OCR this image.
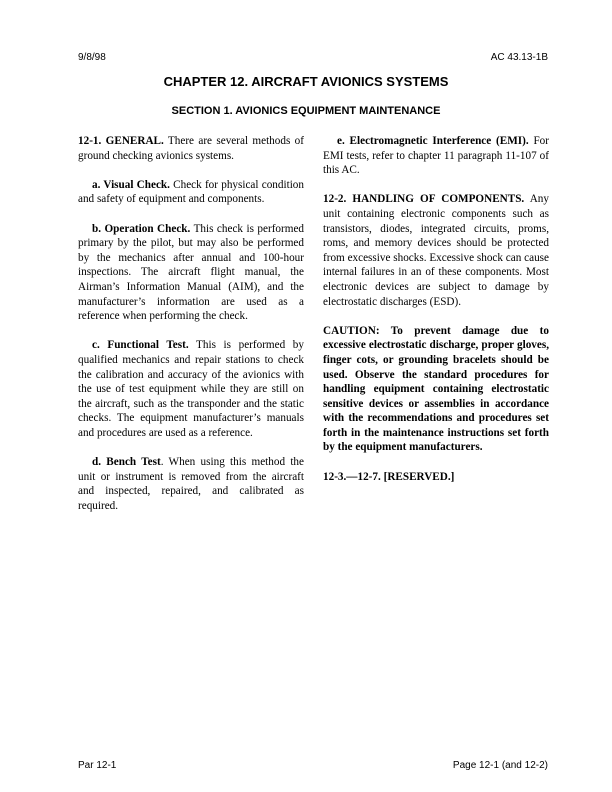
9/8/98	AC 43.13-1B
CHAPTER 12. AIRCRAFT AVIONICS SYSTEMS
SECTION 1. AVIONICS EQUIPMENT MAINTENANCE

12-1. GENERAL. There are several methods of ground checking avionics systems.

a. Visual Check. Check for physical condition and safety of equipment and components.

b. Operation Check. This check is performed primary by the pilot, but may also be performed by the mechanics after annual and 100-hour inspections. The aircraft flight manual, the Airman’s Information Manual (AIM), and the manufacturer’s information are used as a reference when performing the check.

c. Functional Test. This is performed by qualified mechanics and repair stations to check the calibration and accuracy of the avionics with the use of test equipment while they are still on the aircraft, such as the transponder and the static checks. The equipment manufacturer’s manuals and procedures are used as a reference.

d. Bench Test. When using this method the unit or instrument is removed from the aircraft and inspected, repaired, and calibrated as required.

e. Electromagnetic Interference (EMI). For EMI tests, refer to chapter 11 paragraph 11-107 of this AC.

12-2. HANDLING OF COMPONENTS. Any unit containing electronic components such as transistors, diodes, integrated circuits, proms, roms, and memory devices should be protected from excessive shocks. Excessive shock can cause internal failures in an of these components. Most electronic devices are subject to damage by electrostatic discharges (ESD).

CAUTION: To prevent damage due to excessive electrostatic discharge, proper gloves, finger cots, or grounding bracelets should be used. Observe the standard procedures for handling equipment containing electrostatic sensitive devices or assemblies in accordance with the recommendations and procedures set forth in the maintenance instructions set forth by the equipment manufacturers.

12-3.—12-7. [RESERVED.]

Par 12-1	Page 12-1 (and 12-2)
